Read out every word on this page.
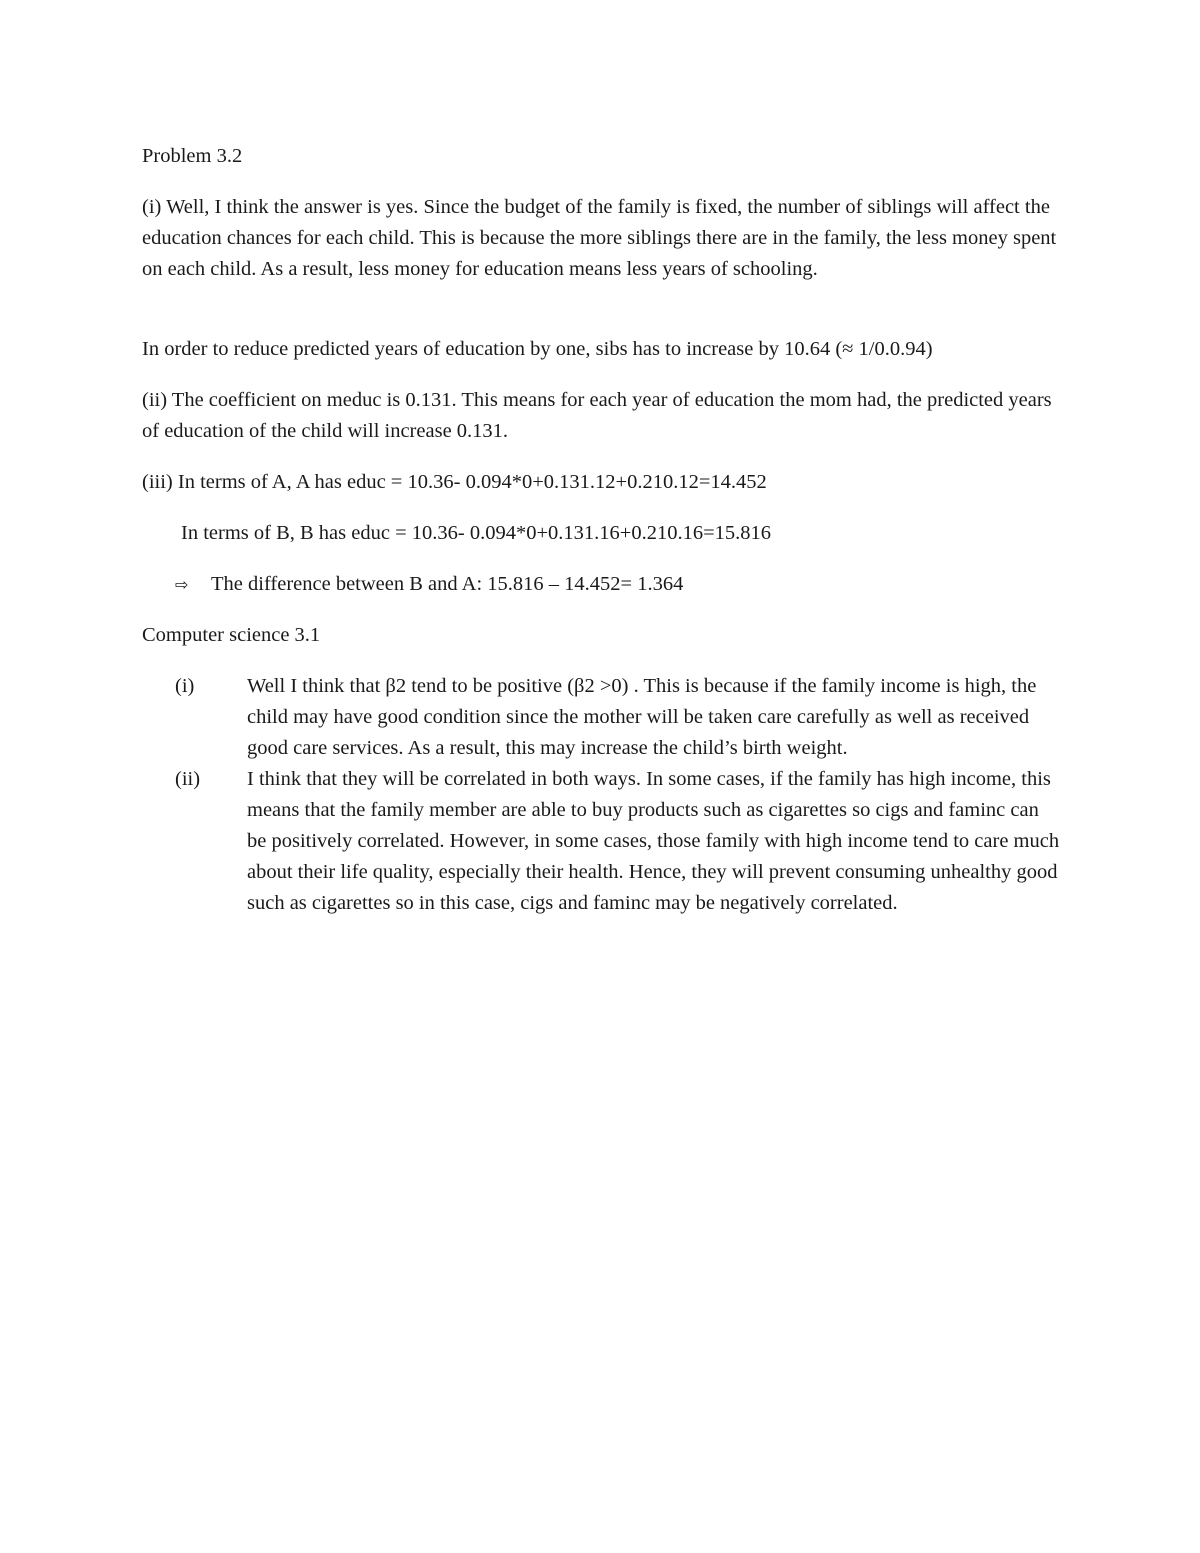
Problem 3.2

(i) Well, I think the answer is yes. Since the budget of the family is fixed, the number of siblings will affect the education chances for each child. This is because the more siblings there are in the family, the less money spent on each child. As a result, less money for education means less years of schooling.

In order to reduce predicted years of education by one, sibs has to increase by 10.64 (≈ 1/0.0.94)

(ii) The coefficient on meduc is 0.131. This means for each year of education the mom had, the predicted years of education of the child will increase 0.131.

(iii) In terms of A, A has educ = 10.36- 0.094*0+0.131.12+0.210.12=14.452

In terms of B, B has educ = 10.36- 0.094*0+0.131.16+0.210.16=15.816

⇨ The difference between B and A: 15.816 – 14.452= 1.364

Computer science 3.1

(i)	Well I think that β2 tend to be positive (β2 >0) . This is because if the family income is high, the child may have good condition since the mother will be taken care carefully as well as received good care services. As a result, this may increase the child’s birth weight.
(ii) I think that they will be correlated in both ways. In some cases, if the family has high income, this means that the family member are able to buy products such as cigarettes so cigs and faminc can be positively correlated. However, in some cases, those family with high income tend to care much about their life quality, especially their health. Hence, they will prevent consuming unhealthy good such as cigarettes so in this case, cigs and faminc may be negatively correlated.
